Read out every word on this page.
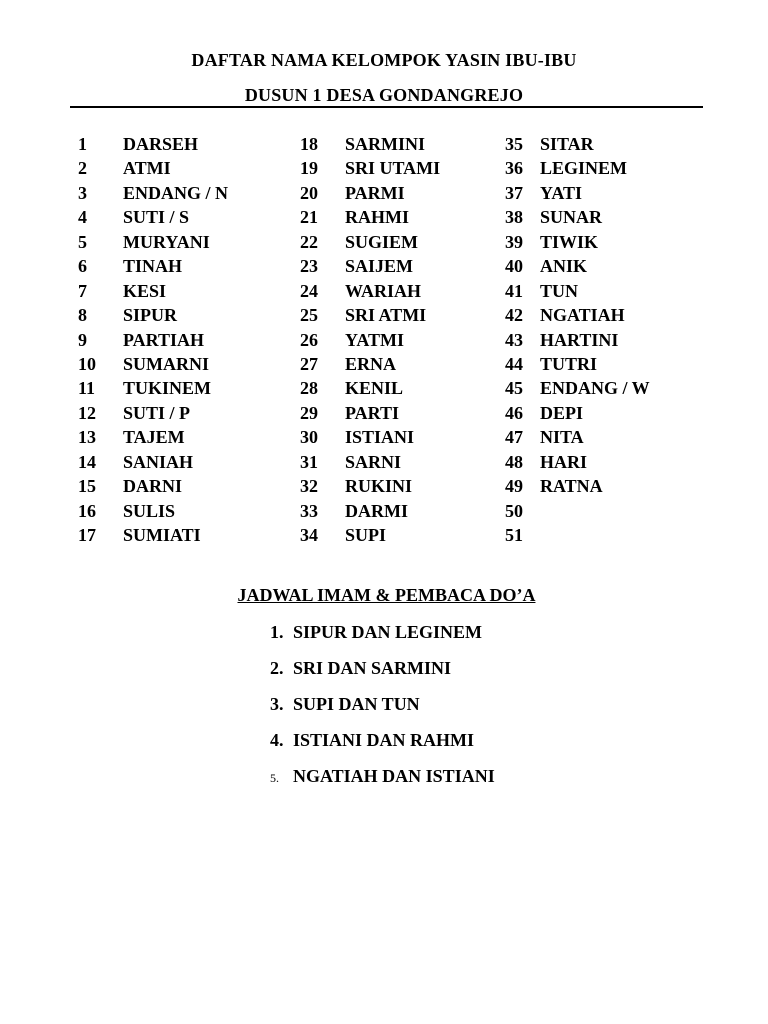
DAFTAR NAMA KELOMPOK YASIN IBU-IBU
DUSUN 1 DESA GONDANGREJO
1 DARSEH
2 ATMI
3 ENDANG / N
4 SUTI / S
5 MURYANI
6 TINAH
7 KESI
8 SIPUR
9 PARTIAH
10 SUMARNI
11 TUKINEM
12 SUTI / P
13 TAJEM
14 SANIAH
15 DARNI
16 SULIS
17 SUMIATI
18 SARMINI
19 SRI UTAMI
20 PARMI
21 RAHMI
22 SUGIEM
23 SAIJEM
24 WARIAH
25 SRI ATMI
26 YATMI
27 ERNA
28 KENIL
29 PARTI
30 ISTIANI
31 SARNI
32 RUKINI
33 DARMI
34 SUPI
35 SITAR
36 LEGINEM
37 YATI
38 SUNAR
39 TIWIK
40 ANIK
41 TUN
42 NGATIAH
43 HARTINI
44 TUTRI
45 ENDANG / W
46 DEPI
47 NITA
48 HARI
49 RATNA
50
51
JADWAL IMAM & PEMBACA DO’A
1. SIPUR DAN LEGINEM
2. SRI DAN SARMINI
3. SUPI DAN TUN
4. ISTIANI DAN RAHMI
5. NGATIAH DAN ISTIANI
